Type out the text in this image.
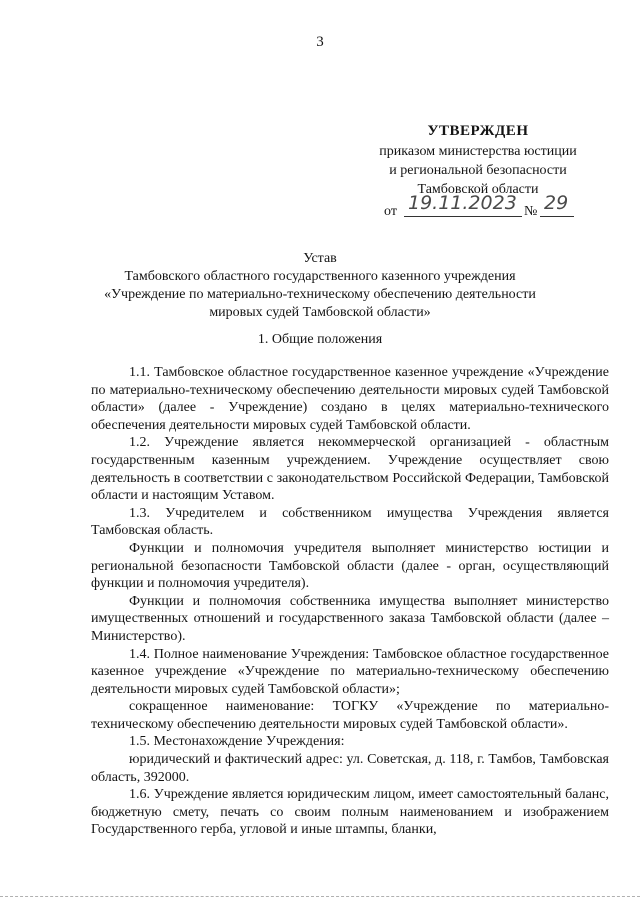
3
УТВЕРЖДЕН
приказом министерства юстиции
и региональной безопасности
Тамбовской области
от 19.11.2023 № 29
Устав
Тамбовского областного государственного казенного учреждения
«Учреждение по материально-техническому обеспечению деятельности
мировых судей Тамбовской области»
1. Общие положения

1.1. Тамбовское областное государственное казенное учреждение «Учреждение по материально-техническому обеспечению деятельности мировых судей Тамбовской области» (далее - Учреждение) создано в целях материально-технического обеспечения деятельности мировых судей Тамбовской области.

1.2. Учреждение является некоммерческой организацией - областным государственным казенным учреждением. Учреждение осуществляет свою деятельность в соответствии с законодательством Российской Федерации, Тамбовской области и настоящим Уставом.

1.3. Учредителем и собственником имущества Учреждения является Тамбовская область.

Функции и полномочия учредителя выполняет министерство юстиции и региональной безопасности Тамбовской области (далее - орган, осуществляющий функции и полномочия учредителя).

Функции и полномочия собственника имущества выполняет министерство имущественных отношений и государственного заказа Тамбовской области (далее – Министерство).

1.4. Полное наименование Учреждения: Тамбовское областное государственное казенное учреждение «Учреждение по материально-техническому обеспечению деятельности мировых судей Тамбовской области»;

сокращенное наименование: ТОГКУ «Учреждение по материально-техническому обеспечению деятельности мировых судей Тамбовской области».

1.5. Местонахождение Учреждения:

юридический и фактический адрес: ул. Советская, д. 118, г. Тамбов, Тамбовская область, 392000.

1.6. Учреждение является юридическим лицом, имеет самостоятельный баланс, бюджетную смету, печать со своим полным наименованием и изображением Государственного герба, угловой и иные штампы, бланки,
